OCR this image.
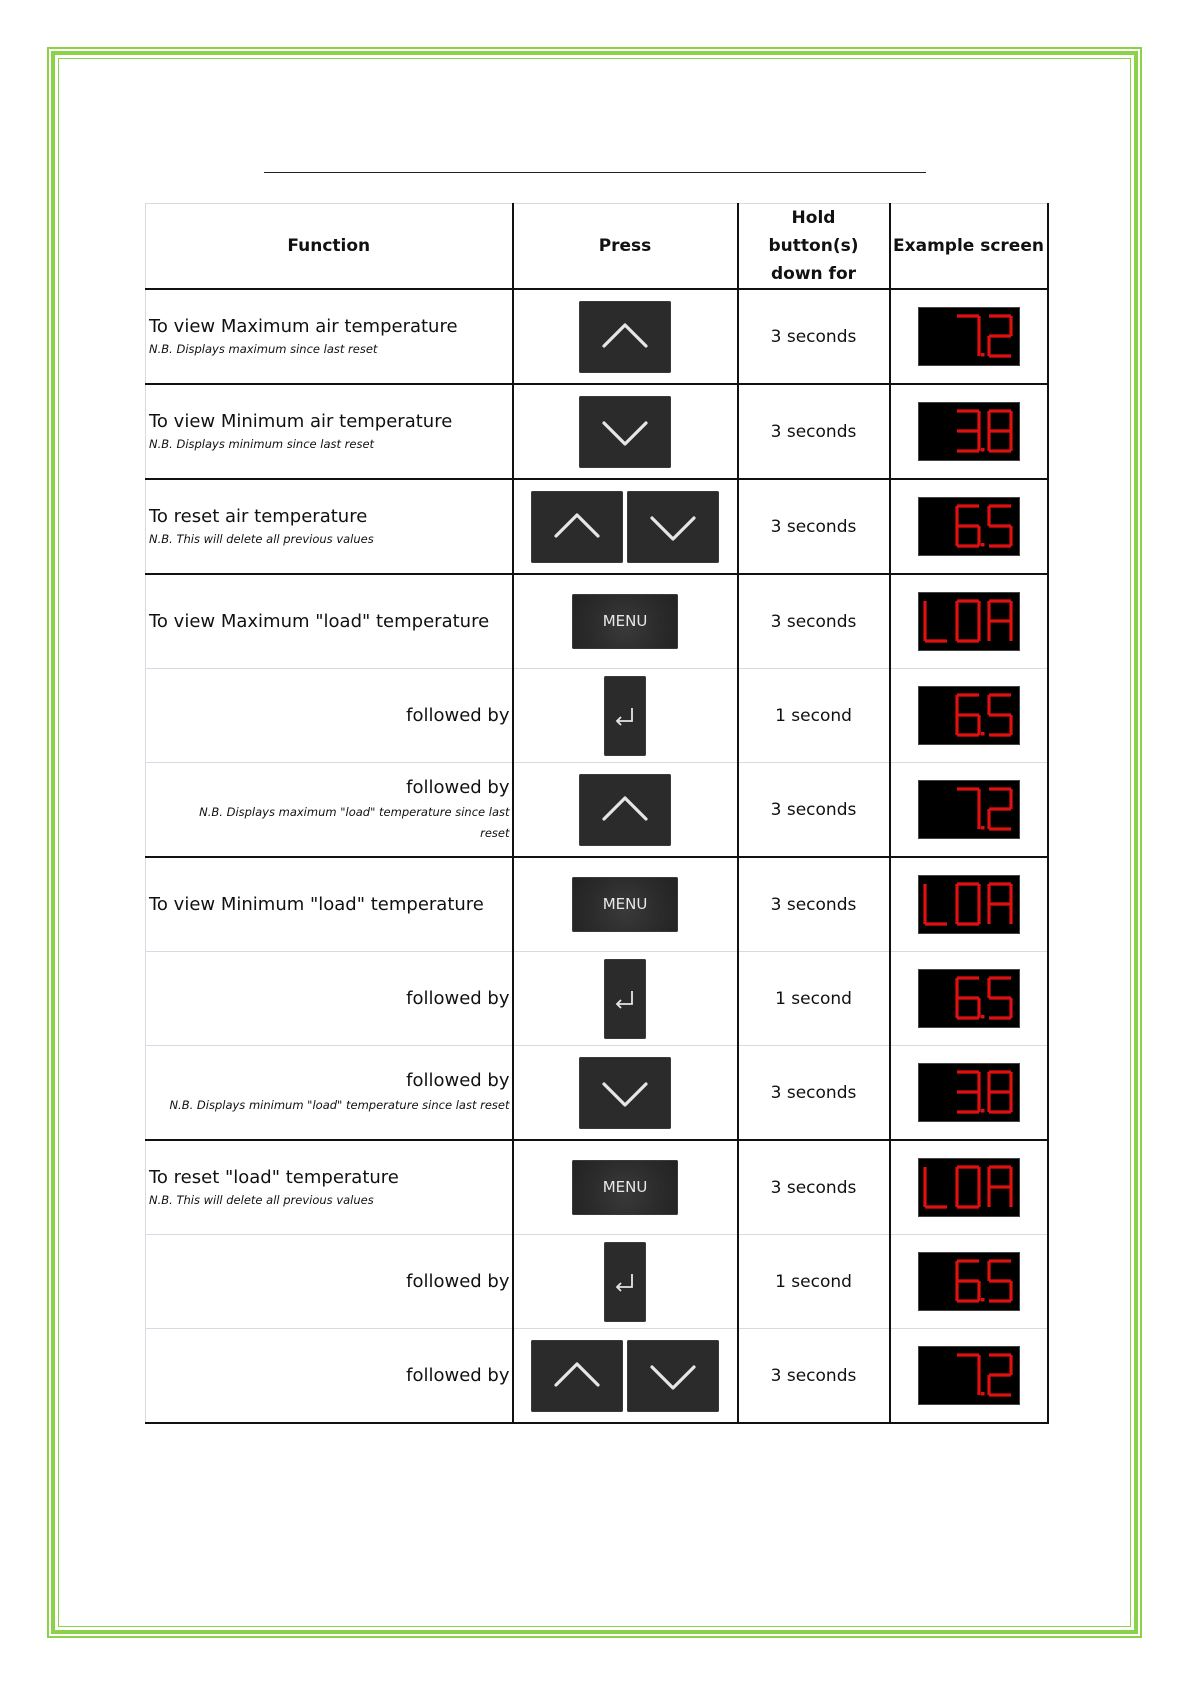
Function	Press	Hold button(s) down for	Example screen

To view Maximum air temperature
N.B. Displays maximum since last reset		3 seconds	

To view Minimum air temperature
N.B. Displays minimum since last reset		3 seconds	

To reset air temperature
N.B. This will delete all previous values		3 seconds	

To view Maximum "load" temperature	MENU	3 seconds	

followed by		1 second	

followed by
N.B. Displays maximum "load" temperature since last reset		3 seconds	

To view Minimum "load" temperature	MENU	3 seconds	

followed by		1 second	

followed by
N.B. Displays minimum "load" temperature since last reset		3 seconds	

To reset "load" temperature
N.B. This will delete all previous values	MENU	3 seconds	

followed by		1 second	

followed by		3 seconds	
